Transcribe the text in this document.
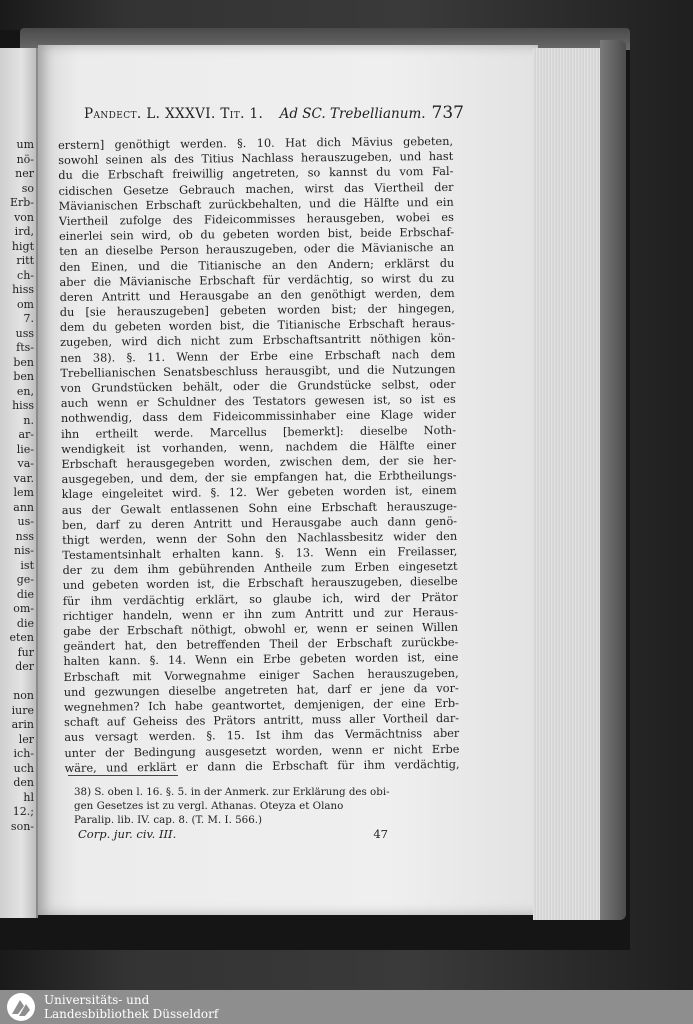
um
nö-
ner
so
Erb-
von
ird,
higt
ritt
ch-
hiss
om
7.
uss
fts-
ben
ben
en,
hiss
n.
ar-
lie-
va-
var.
lem
ann
us-
nss
nis-
ist
ge-
die
om-
die
eten
fur
der

non
iure
arin
ler
ich-
uch
den
hl
12.;
son-
Pandect. L. XXXVI. Tit. 1. Ad SC. Trebellianum. 737
erstern] genöthigt werden. §. 10. Hat dich Mävius gebeten,
sowohl seinen als des Titius Nachlass herauszugeben, und hast
du die Erbschaft freiwillig angetreten, so kannst du vom Fal-
cidischen Gesetze Gebrauch machen, wirst das Viertheil der
Mävianischen Erbschaft zurückbehalten, und die Hälfte und ein
Viertheil zufolge des Fideicommisses herausgeben, wobei es
einerlei sein wird, ob du gebeten worden bist, beide Erbschaf-
ten an dieselbe Person herauszugeben, oder die Mävianische an
den Einen, und die Titianische an den Andern; erklärst du
aber die Mävianische Erbschaft für verdächtig, so wirst du zu
deren Antritt und Herausgabe an den genöthigt werden, dem
du [sie herauszugeben] gebeten worden bist; der hingegen,
dem du gebeten worden bist, die Titianische Erbschaft heraus-
zugeben, wird dich nicht zum Erbschaftsantritt nöthigen kön-
nen 38). §. 11. Wenn der Erbe eine Erbschaft nach dem
Trebellianischen Senatsbeschluss herausgibt, und die Nutzungen
von Grundstücken behält, oder die Grundstücke selbst, oder
auch wenn er Schuldner des Testators gewesen ist, so ist es
nothwendig, dass dem Fideicommissinhaber eine Klage wider
ihn ertheilt werde. Marcellus [bemerkt]: dieselbe Noth-
wendigkeit ist vorhanden, wenn, nachdem die Hälfte einer
Erbschaft herausgegeben worden, zwischen dem, der sie her-
ausgegeben, und dem, der sie empfangen hat, die Erbtheilungs-
klage eingeleitet wird. §. 12. Wer gebeten worden ist, einem
aus der Gewalt entlassenen Sohn eine Erbschaft herauszuge-
ben, darf zu deren Antritt und Herausgabe auch dann genö-
thigt werden, wenn der Sohn den Nachlassbesitz wider den
Testamentsinhalt erhalten kann. §. 13. Wenn ein Freilasser,
der zu dem ihm gebührenden Antheile zum Erben eingesetzt
und gebeten worden ist, die Erbschaft herauszugeben, dieselbe
für ihm verdächtig erklärt, so glaube ich, wird der Prätor
richtiger handeln, wenn er ihn zum Antritt und zur Heraus-
gabe der Erbschaft nöthigt, obwohl er, wenn er seinen Willen
geändert hat, den betreffenden Theil der Erbschaft zurückbe-
halten kann. §. 14. Wenn ein Erbe gebeten worden ist, eine
Erbschaft mit Vorwegnahme einiger Sachen herauszugeben,
und gezwungen dieselbe angetreten hat, darf er jene da vor-
wegnehmen? Ich habe geantwortet, demjenigen, der eine Erb-
schaft auf Geheiss des Prätors antritt, muss aller Vortheil dar-
aus versagt werden. §. 15. Ist ihm das Vermächtniss aber
unter der Bedingung ausgesetzt worden, wenn er nicht Erbe
wäre, und erklärt er dann die Erbschaft für ihm verdächtig,
38) S. oben l. 16. §. 5. in der Anmerk. zur Erklärung des obi-
gen Gesetzes ist zu vergl. Athanas. Oteyza et Olano
Paralip. lib. IV. cap. 8. (T. M. I. 566.)
Corp. jur. civ. III.	47
Universitäts- und
Landesbibliothek Düsseldorf
